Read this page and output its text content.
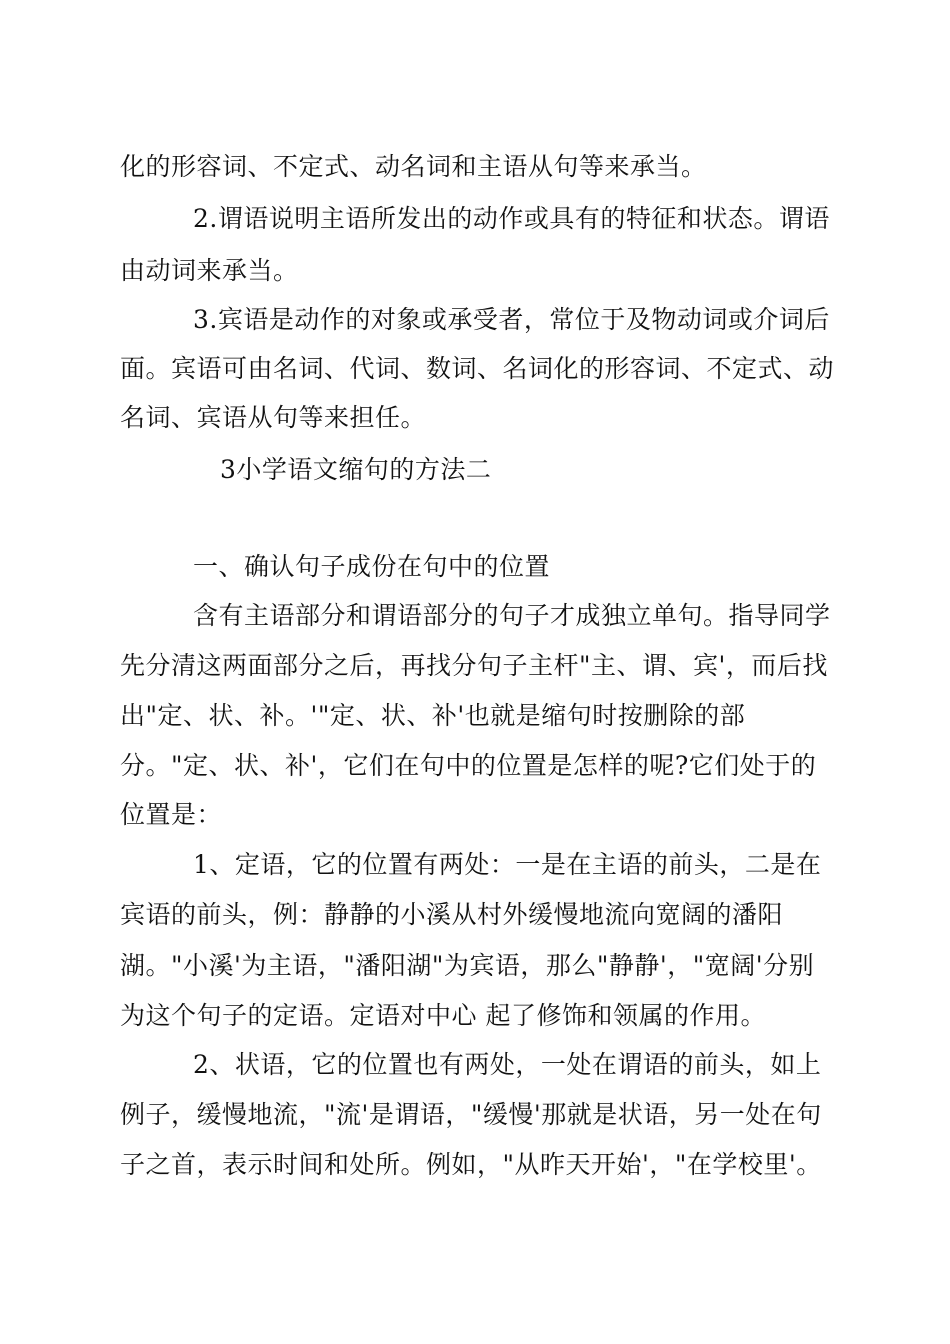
化的形容词、不定式、动名词和主语从句等来承当。
2.谓语说明主语所发出的动作或具有的特征和状态。谓语
由动词来承当。
3.宾语是动作的对象或承受者，常位于及物动词或介词后
面。宾语可由名词、代词、数词、名词化的形容词、不定式、动
名词、宾语从句等来担任。
3小学语文缩句的方法二
一、确认句子成份在句中的位置
含有主语部分和谓语部分的句子才成独立单句。指导同学
先分清这两面部分之后，再找分句子主杆"主、谓、宾'，而后找
出"定、状、补。'"定、状、补'也就是缩句时按删除的部
分。"定、状、补'，它们在句中的位置是怎样的呢?它们处于的
位置是：
1、定语，它的位置有两处：一是在主语的前头，二是在
宾语的前头，例：静静的小溪从村外缓慢地流向宽阔的潘阳
湖。"小溪'为主语，"潘阳湖"为宾语，那么"静静'，"宽阔'分别
为这个句子的定语。定语对中心 起了修饰和领属的作用。
2、状语，它的位置也有两处，一处在谓语的前头，如上
例子，缓慢地流，"流'是谓语，"缓慢'那就是状语，另一处在句
子之首，表示时间和处所。例如，"从昨天开始'，"在学校里'。
